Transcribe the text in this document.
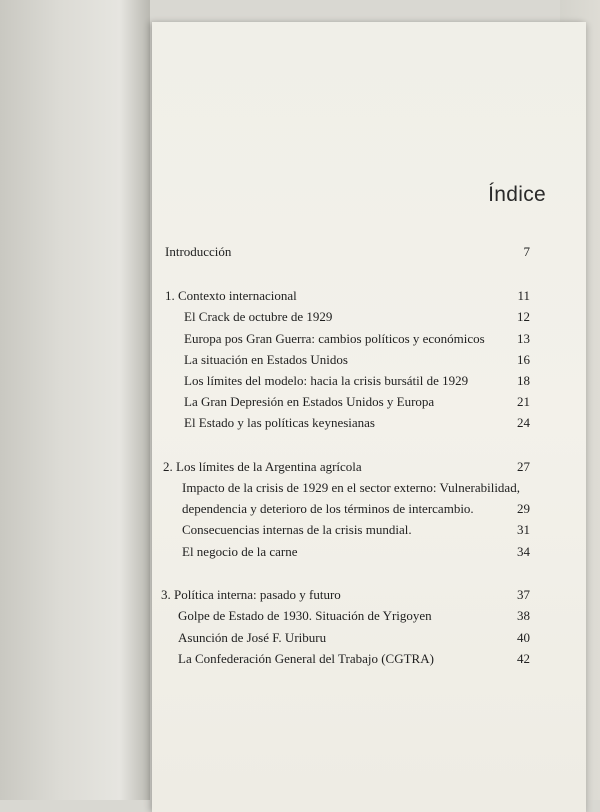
Índice
Introducción	7
1. Contexto internacional	11
El Crack de octubre de 1929	12
Europa pos Gran Guerra: cambios políticos y económicos 13
La situación en Estados Unidos	16
Los límites del modelo: hacia la crisis bursátil de 1929	18
La Gran Depresión en Estados Unidos y Europa	21
El Estado y las políticas keynesianas	24
2. Los límites de la Argentina agrícola	27
Impacto de la crisis de 1929 en el sector externo: Vulnerabilidad,
dependencia y deterioro de los términos de intercambio.	29
Consecuencias internas de la crisis mundial.	31
El negocio de la carne	34
3. Política interna: pasado y futuro	37
Golpe de Estado de 1930. Situación de Yrigoyen	38
Asunción de José F. Uriburu	40
La Confederación General del Trabajo (CGTRA)	42
